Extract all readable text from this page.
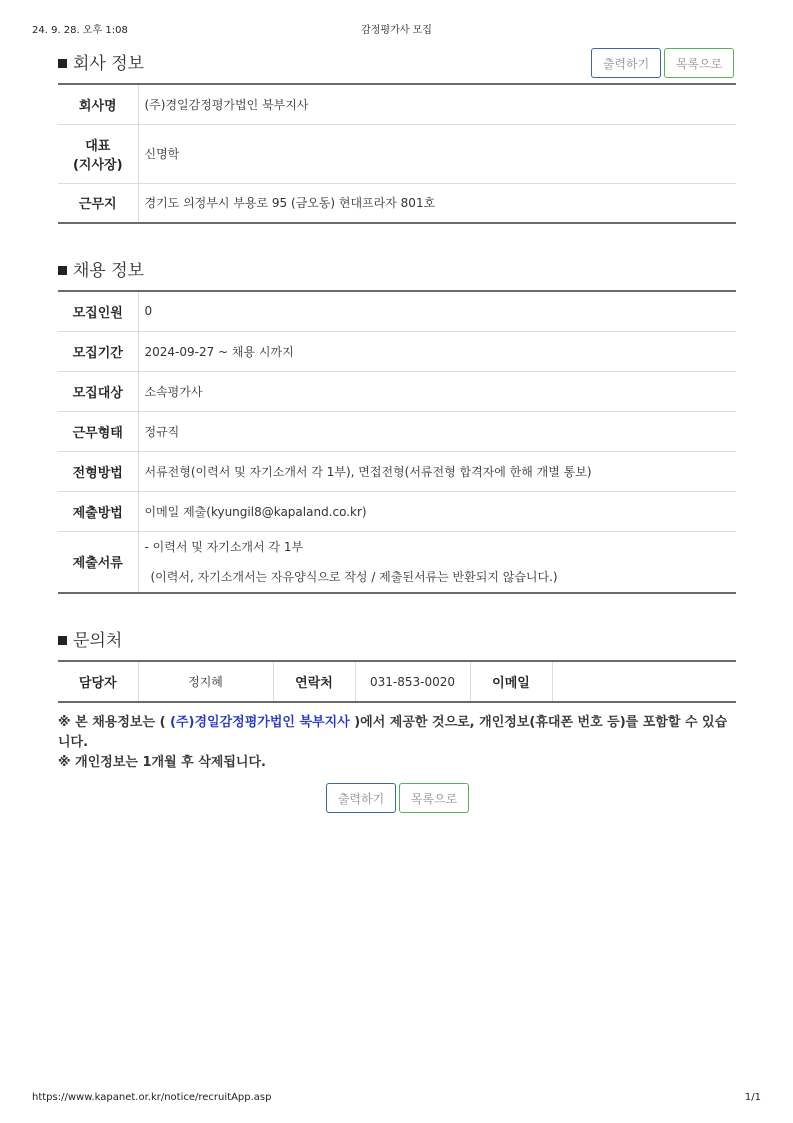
24. 9. 28. 오후 1:08	감정평가사 모집
회사 정보	출력하기	목록으로
회사명	(주)경일감정평가법인 북부지사

대표
(지사장)	신명학
근무지	경기도 의정부시 부용로 95 (금오동) 현대프라자 801호
채용 정보
모집인원	0
모집기간	2024-09-27 ~ 채용 시까지
모집대상	소속평가사
근무형태	정규직
전형방법	서류전형(이력서 및 자기소개서 각 1부), 면접전형(서류전형 합격자에 한해 개별 통보)
제출방법	이메일 제출(kyungil8@kapaland.co.kr)
제출서류	- 이력서 및 자기소개서 각 1부
(이력서, 자기소개서는 자유양식으로 작성 / 제출된서류는 반환되지 않습니다.)
문의처
담당자	정지혜	연락처	031-853-0020	이메일	
※ 본 채용정보는 ( (주)경일감정평가법인 북부지사 )에서 제공한 것으로, 개인정보(휴대폰 번호 등)를 포함할 수 있습니다.
※ 개인정보는 1개월 후 삭제됩니다.
출력하기	목록으로
https://www.kapanet.or.kr/notice/recruitApp.asp	1/1
